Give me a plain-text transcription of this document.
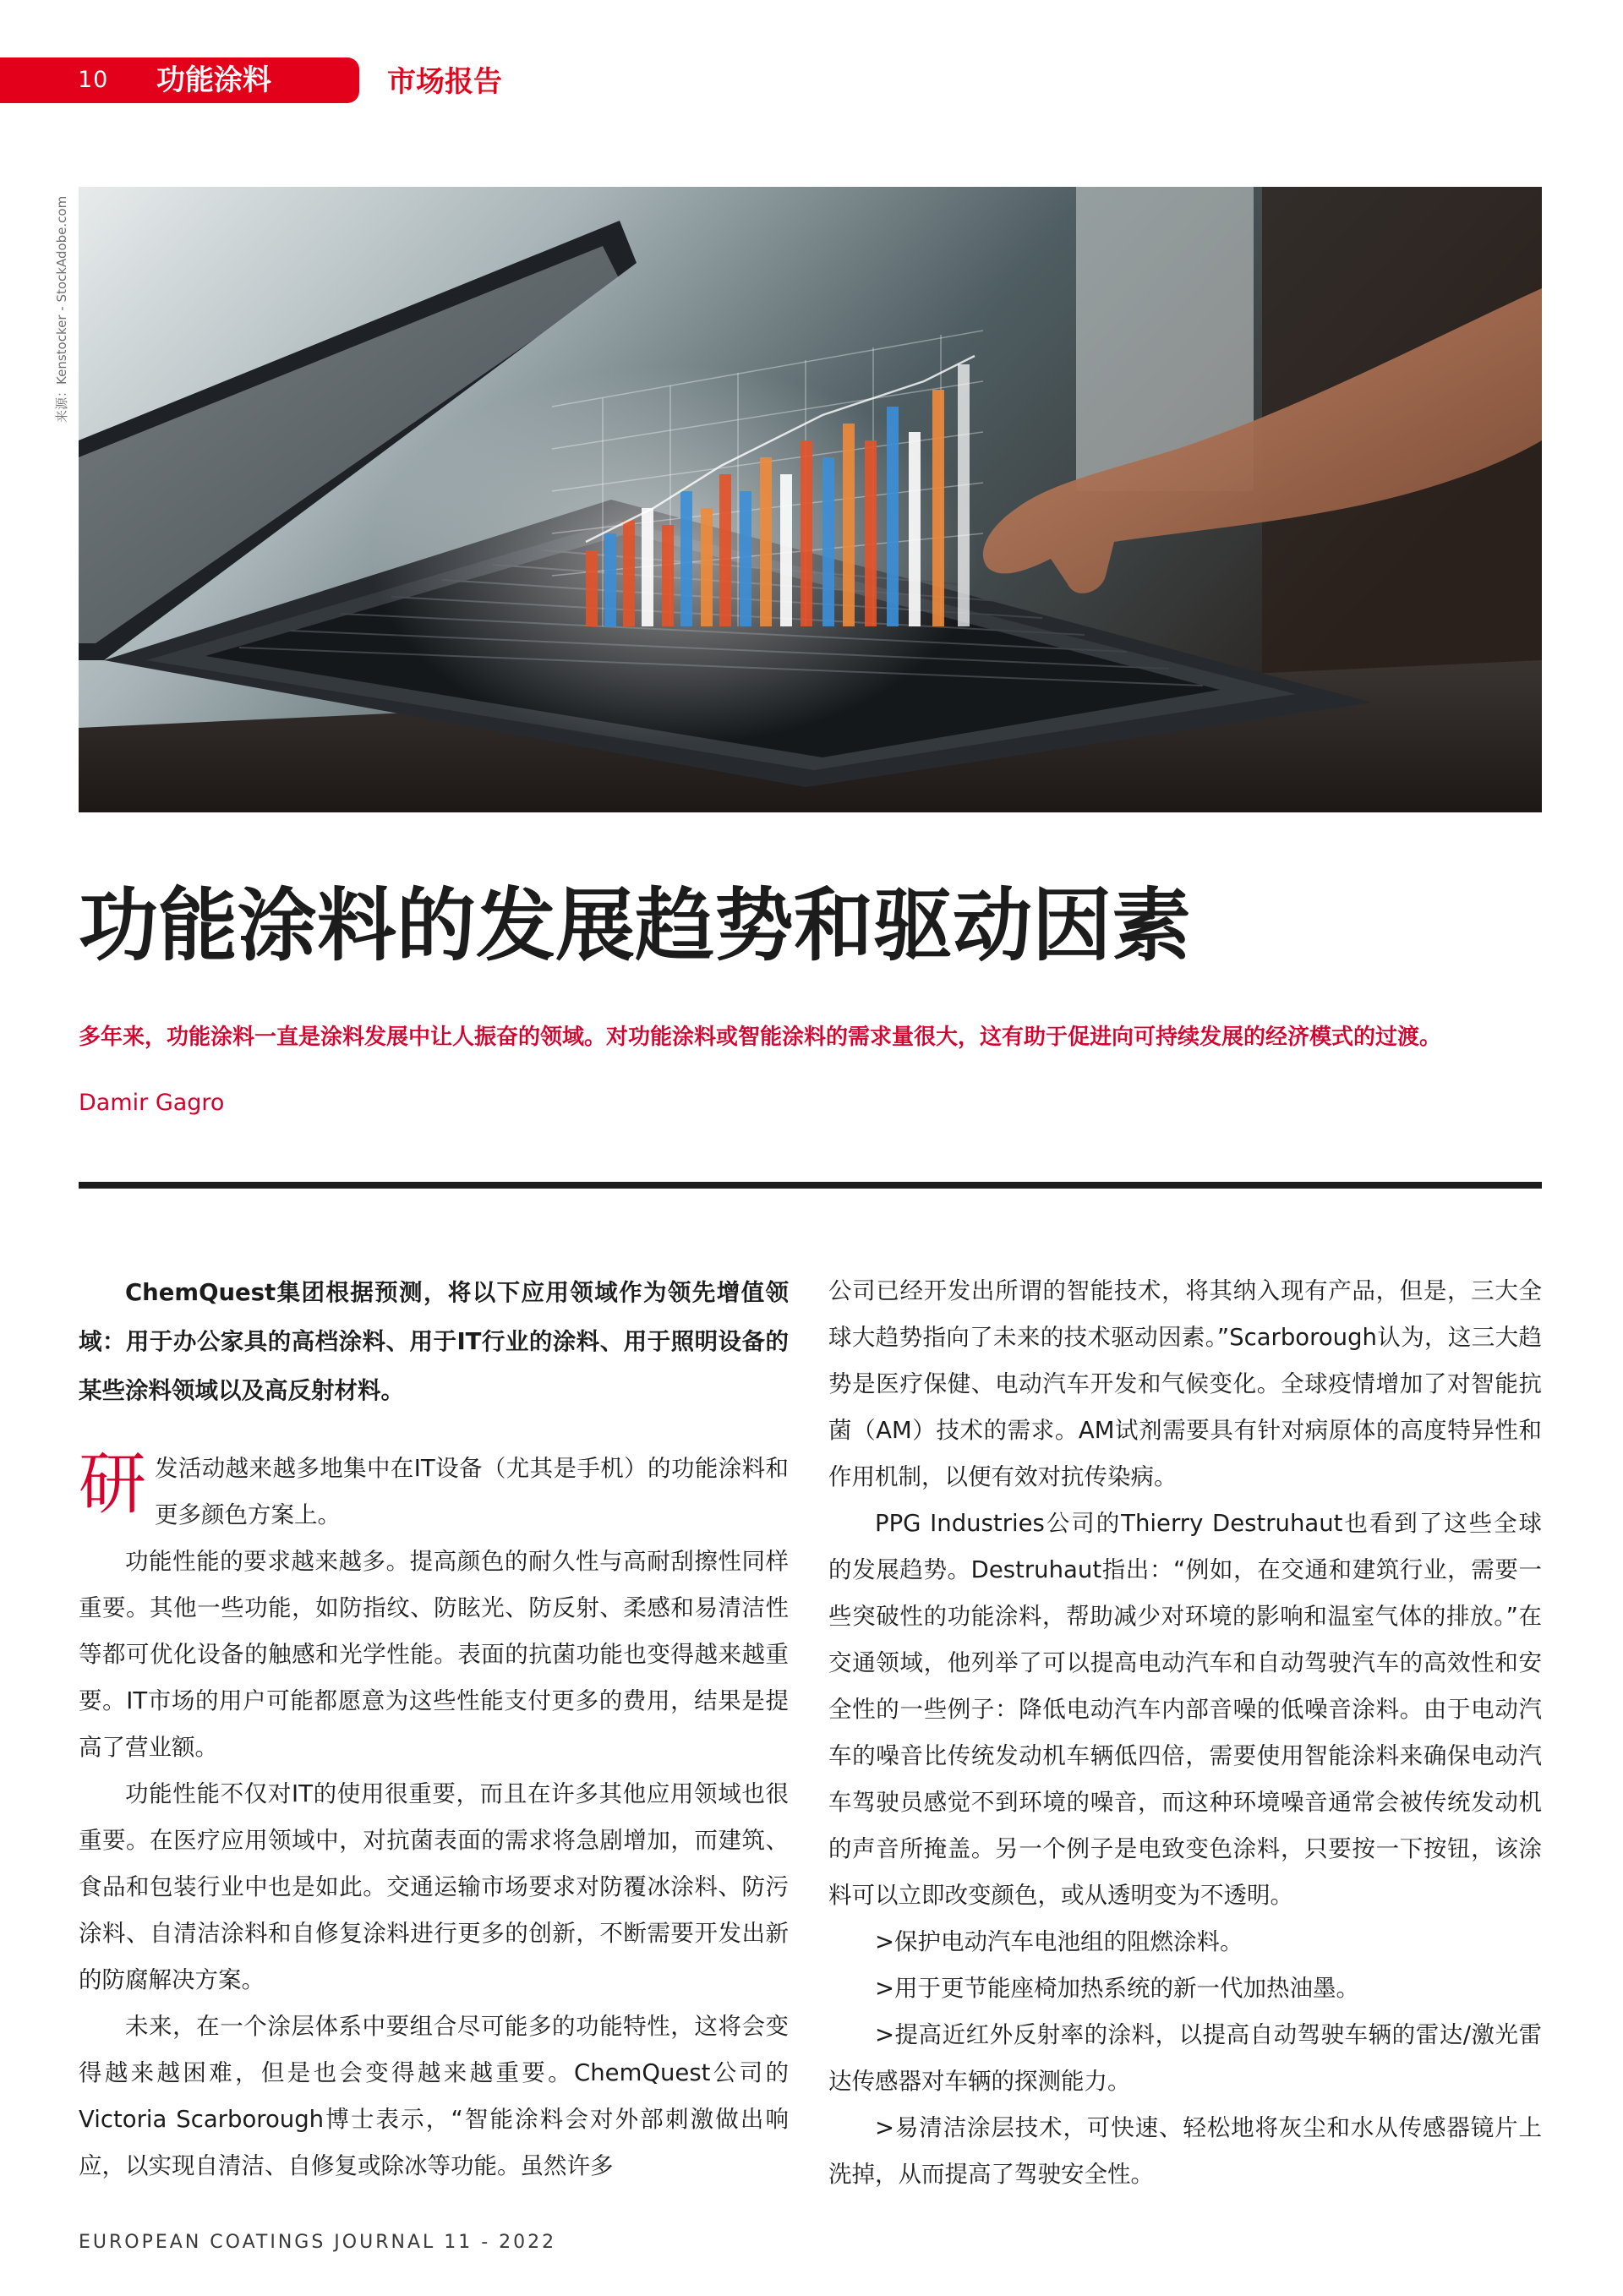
10 功能涂料	市场报告
来源：Kenstocker - StockAdobe.com
功能涂料的发展趋势和驱动因素
多年来，功能涂料一直是涂料发展中让人振奋的领域。对功能涂料或智能涂料的需求量很大，这有助于促进向可持续发展的经济模式的过渡。
Damir Gagro

ChemQuest集团根据预测，将以下应用领域作为领先增值领域：用于办公家具的高档涂料、用于IT行业的涂料、用于照明设备的某些涂料领域以及高反射材料。

研发活动越来越多地集中在IT设备（尤其是手机）的功能涂料和更多颜色方案上。

功能性能的要求越来越多。提高颜色的耐久性与高耐刮擦性同样重要。其他一些功能，如防指纹、防眩光、防反射、柔感和易清洁性等都可优化设备的触感和光学性能。表面的抗菌功能也变得越来越重要。IT市场的用户可能都愿意为这些性能支付更多的费用，结果是提高了营业额。

功能性能不仅对IT的使用很重要，而且在许多其他应用领域也很重要。在医疗应用领域中，对抗菌表面的需求将急剧增加，而建筑、食品和包装行业中也是如此。交通运输市场要求对防覆冰涂料、防污涂料、自清洁涂料和自修复涂料进行更多的创新，不断需要开发出新的防腐解决方案。

未来，在一个涂层体系中要组合尽可能多的功能特性，这将会变得越来越困难，但是也会变得越来越重要。ChemQuest公司的Victoria Scarborough博士表示，“智能涂料会对外部刺激做出响应，以实现自清洁、自修复或除冰等功能。虽然许多

公司已经开发出所谓的智能技术，将其纳入现有产品，但是，三大全球大趋势指向了未来的技术驱动因素。”Scarborough认为，这三大趋势是医疗保健、电动汽车开发和气候变化。全球疫情增加了对智能抗菌（AM）技术的需求。AM试剂需要具有针对病原体的高度特异性和作用机制，以便有效对抗传染病。

PPG Industries公司的Thierry Destruhaut也看到了这些全球的发展趋势。Destruhaut指出：“例如，在交通和建筑行业，需要一些突破性的功能涂料，帮助减少对环境的影响和温室气体的排放。”在交通领域，他列举了可以提高电动汽车和自动驾驶汽车的高效性和安全性的一些例子：降低电动汽车内部音噪的低噪音涂料。由于电动汽车的噪音比传统发动机车辆低四倍，需要使用智能涂料来确保电动汽车驾驶员感觉不到环境的噪音，而这种环境噪音通常会被传统发动机的声音所掩盖。另一个例子是电致变色涂料，只要按一下按钮，该涂料可以立即改变颜色，或从透明变为不透明。

>保护电动汽车电池组的阻燃涂料。

>用于更节能座椅加热系统的新一代加热油墨。

>提高近红外反射率的涂料，以提高自动驾驶车辆的雷达/激光雷达传感器对车辆的探测能力。

>易清洁涂层技术，可快速、轻松地将灰尘和水从传感器镜片上洗掉，从而提高了驾驶安全性。

EUROPEAN COATINGS JOURNAL 11 - 2022
